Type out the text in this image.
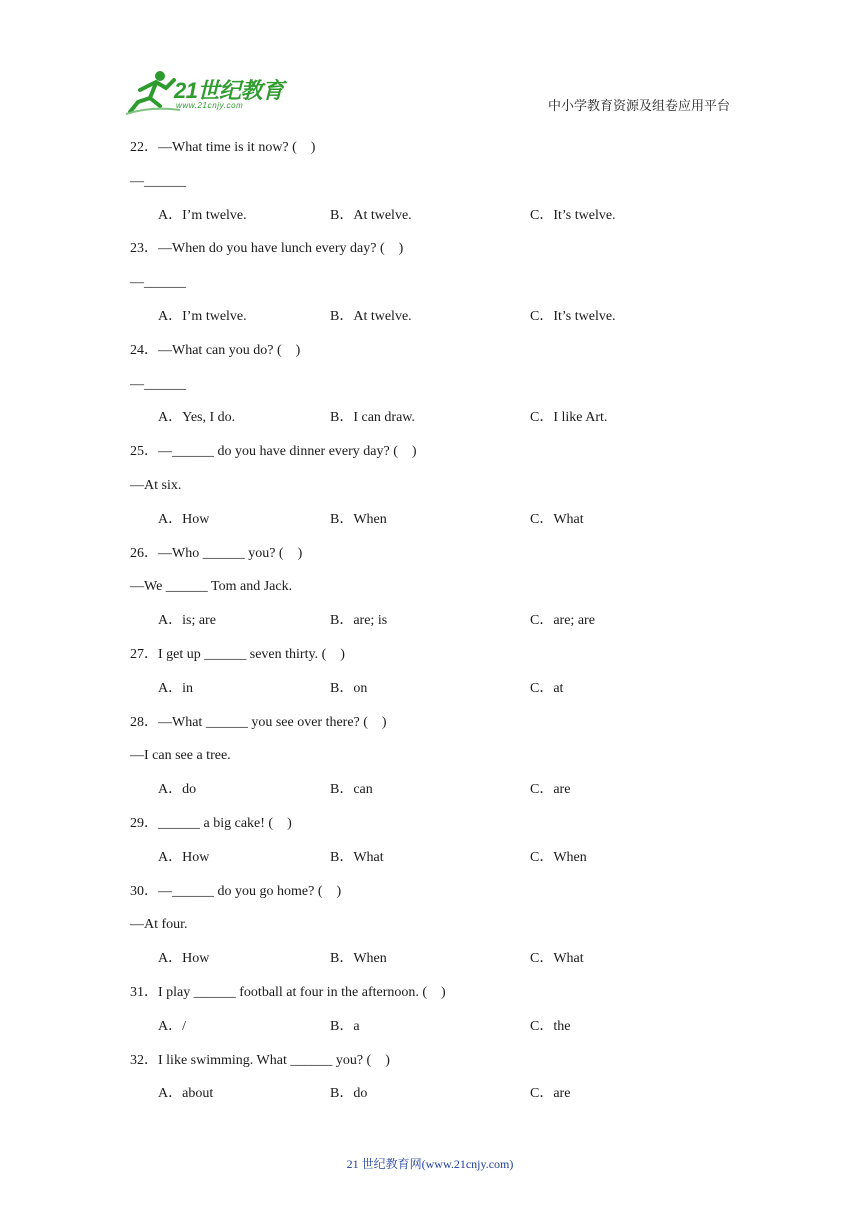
21世纪教育
www.21cnjy.com	中小学教育资源及组卷应用平台
22．—What time is it now? (    )
—______
A．I’m twelve.	B．At twelve.	C．It’s twelve.
23．—When do you have lunch every day? (    )
—______
A．I’m twelve.	B．At twelve.	C．It’s twelve.
24．—What can you do? (    )
—______
A．Yes, I do.	B．I can draw.	C．I like Art.
25．—______ do you have dinner every day? (    )
—At six.
A．How	B．When	C．What
26．—Who ______ you? (    )
—We ______ Tom and Jack.
A．is; are	B．are; is	C．are; are
27．I get up ______ seven thirty. (    )
A．in	B．on	C．at
28．—What ______ you see over there? (    )
—I can see a tree.
A．do	B．can	C．are
29．______ a big cake! (    )
A．How	B．What	C．When
30．—______ do you go home? (    )
—At four.
A．How	B．When	C．What
31．I play ______ football at four in the afternoon. (    )
A．/	B．a	C．the
32．I like swimming. What ______ you? (    )
A．about	B．do	C．are
21 世纪教育网(www.21cnjy.com)
